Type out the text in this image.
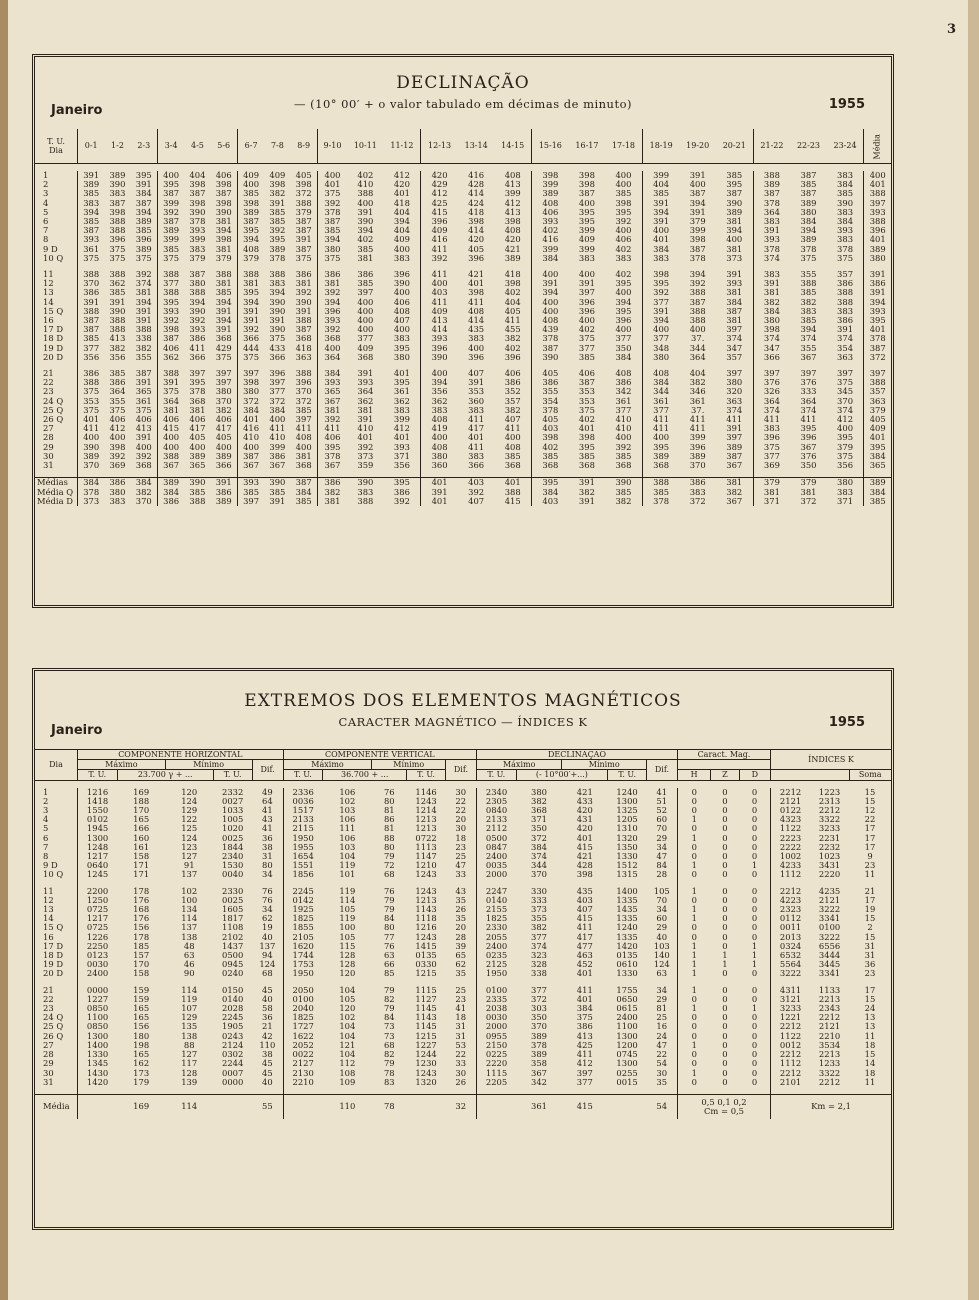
3
DECLINAÇÃO
— (10° 00′ + o valor tabulado em décimas de minuto)
Janeiro	1955
T. U.
Dia	0-1	1-2	2-3	3-4	4-5	5-6	6-7	7-8	8-9	9-10	10-11	11-12	12-13	13-14	14-15	15-16	16-17	17-18	18-19	19-20	20-21	21-22	22-23	23-24	Média

1	391	389	395	400	404	406	409	409	405	400	402	412	420	416	408	398	398	400	399	391	385	388	387	383	400
2	389	390	391	395	398	398	400	398	398	401	410	420	429	428	413	399	398	400	404	400	395	389	385	384	401
3	385	383	384	387	387	387	385	382	372	375	388	401	412	414	399	389	387	385	385	387	387	387	387	385	388
4	383	387	387	399	398	398	398	391	388	392	400	418	425	424	412	408	400	398	391	394	390	378	389	390	397
5	394	398	394	392	390	390	389	385	379	378	391	404	415	418	413	406	395	395	394	391	389	364	380	383	393
6	385	388	389	387	378	381	387	385	387	387	390	394	396	398	398	393	395	392	391	379	381	383	384	384	388
7	387	388	385	389	393	394	395	392	387	385	394	404	409	414	408	402	399	400	400	399	394	391	394	393	396
8	393	396	396	399	399	398	394	395	391	394	402	409	416	420	420	416	409	406	401	398	400	393	389	383	401
9 D	361	375	389	385	383	381	408	389	387	380	385	400	411	405	421	399	399	402	384	387	381	378	378	378	389
10 Q	375	375	375	375	379	379	379	378	375	375	381	383	392	396	389	384	383	383	383	378	373	374	375	375	380

11	388	388	392	388	387	388	388	388	386	386	386	396	411	421	418	400	400	402	398	394	391	383	355	357	391
12	370	362	374	377	380	381	381	383	381	381	385	390	400	401	398	391	391	395	395	392	393	391	388	386	386
13	386	385	381	388	388	385	395	394	392	392	397	400	403	398	402	394	397	400	392	388	381	381	385	388	391
14	391	391	394	395	394	394	394	390	390	394	400	406	411	411	404	400	396	394	377	387	384	382	382	388	394
15 Q	388	390	391	393	390	391	391	390	391	396	400	408	409	408	405	400	396	395	391	388	387	384	383	383	393
16	387	388	391	392	392	394	391	391	388	393	400	407	413	414	411	408	400	396	394	388	381	380	385	386	395
17 D	387	388	388	398	393	391	392	390	387	392	400	400	414	435	455	439	402	400	400	400	397	398	394	391	401
18 D	385	413	338	387	386	368	366	375	368	368	377	383	393	383	382	378	375	377	377	37.	374	374	374	374	378
19 D	377	382	382	406	411	429	444	433	418	400	409	395	396	400	402	387	377	350	348	344	347	347	355	354	387
20 D	356	356	355	362	366	375	375	366	363	364	368	380	390	396	396	390	385	384	380	364	357	366	367	363	372

21	386	385	387	388	397	397	397	396	388	384	391	401	400	407	406	405	406	408	408	404	397	397	397	397	397
22	388	386	391	391	395	397	398	397	396	393	393	395	394	391	386	386	387	386	384	382	380	376	376	375	388
23	375	364	365	375	378	380	380	377	370	365	364	361	356	353	352	355	353	342	344	346	320	326	333	345	357
24 Q	353	355	361	364	368	370	372	372	372	367	362	362	362	360	357	354	353	361	361	361	363	364	364	370	363
25 Q	375	375	375	381	381	382	384	384	385	381	381	383	383	383	382	378	375	377	377	37.	374	374	374	374	379
26 Q	401	406	406	406	406	406	401	400	397	392	391	399	408	411	407	405	402	410	411	411	411	411	411	412	405
27	411	412	413	415	417	417	416	411	411	411	410	412	419	417	411	403	401	410	411	411	391	383	395	400	409
28	400	400	391	400	405	405	410	410	408	406	401	401	400	401	400	398	398	400	400	399	397	396	396	395	401
29	390	398	400	400	400	400	400	399	400	395	392	393	408	411	408	402	395	392	395	396	389	375	367	379	395
30	389	392	392	388	389	389	387	386	381	378	373	371	380	383	385	385	385	385	389	389	387	377	376	375	384
31	370	369	368	367	365	366	367	367	368	367	359	356	360	366	368	368	368	368	368	370	367	369	350	356	365

Médias	384	386	384	389	390	391	393	390	387	386	390	395	401	403	401	395	391	390	388	386	381	379	379	380	389
Média Q	378	380	382	384	385	386	385	385	384	382	383	386	391	392	388	384	382	385	385	383	382	381	381	383	384
Média D	373	383	370	386	388	389	397	391	385	381	388	392	401	407	415	403	391	382	378	372	367	371	372	371	385
EXTREMOS DOS ELEMENTOS MAGNÉTICOS
CARACTER MAGNÉTICO — ÍNDICES K
Janeiro
1955
Dia	COMPONENTE HORIZONTAL					COMPONENTE VERTICAL					DECLINAÇÃO					Caract. Mag.			ÍNDICES K		
	Máximo		Mínimo		Dif.	Máximo		Mínimo		Dif.	Máximo		Mínimo		Dif.						
	T. U.	23.700 γ + ...		T. U.		T. U.	36.700 + ...		T. U.		T. U.	(- 10°00′+...)		T. U.		H	Z	D			Soma

1	1216	169	120	2332	49	2336	106	76	1146	30	2340	380	421	1240	41	0	0	0	2212	1223	15
2	1418	188	124	0027	64	0036	102	80	1243	22	2305	382	433	1300	51	0	0	0	2121	2313	15
3	1550	170	129	1033	41	1517	103	81	1214	22	0840	368	420	1325	52	0	0	0	0122	2212	12
4	0102	165	122	1005	43	2133	106	86	1213	20	2133	371	431	1205	60	1	0	0	4323	3322	22
5	1945	166	125	1020	41	2115	111	81	1213	30	2112	350	420	1310	70	0	0	0	1122	3233	17
6	1300	160	124	0025	36	1950	106	88	0722	18	0500	372	401	1320	29	1	0	0	2223	2231	17
7	1248	161	123	1844	38	1955	103	80	1113	23	0847	384	415	1350	34	0	0	0	2222	2232	17
8	1217	158	127	2340	31	1654	104	79	1147	25	2400	374	421	1330	47	0	0	0	1002	1023	9
9 D	0640	171	91	1530	80	1551	119	72	1210	47	0035	344	428	1512	84	1	0	1	4233	3431	23
10 Q	1245	171	137	0040	34	1856	101	68	1243	33	2000	370	398	1315	28	0	0	0	1112	2220	11

11	2200	178	102	2330	76	2245	119	76	1243	43	2247	330	435	1400	105	1	0	0	2212	4235	21
12	1250	176	100	0025	76	0142	114	79	1213	35	0140	333	403	1335	70	0	0	0	4223	2121	17
13	0725	168	134	1605	34	1925	105	79	1143	26	2155	373	407	1435	34	1	0	0	2323	3222	19
14	1217	176	114	1817	62	1825	119	84	1118	35	1825	355	415	1335	60	1	0	0	0112	3341	15
15 Q	0725	156	137	1108	19	1855	100	80	1216	20	2330	382	411	1240	29	0	0	0	0011	0100	2
16	1226	178	138	2102	40	2105	105	77	1243	28	2055	377	417	1335	40	0	0	0	2013	3222	15
17 D	2250	185	48	1437	137	1620	115	76	1415	39	2400	374	477	1420	103	1	0	1	0324	6556	31
18 D	0123	157	63	0500	94	1744	128	63	0135	65	0235	323	463	0135	140	1	1	1	6532	3444	31
19 D	0030	170	46	0945	124	1753	128	66	0330	62	2125	328	452	0610	124	1	1	1	5564	3445	36
20 D	2400	158	90	0240	68	1950	120	85	1215	35	1950	338	401	1330	63	1	0	0	3222	3341	23

21	0000	159	114	0150	45	2050	104	79	1115	25	0100	377	411	1755	34	1	0	0	4311	1133	17
22	1227	159	119	0140	40	0100	105	82	1127	23	2335	372	401	0650	29	0	0	0	3121	2213	15
23	0850	165	107	2028	58	2040	120	79	1145	41	2038	303	384	0615	81	1	0	1	3233	2343	24
24 Q	1100	165	129	2245	36	1825	102	84	1143	18	0030	350	375	2400	25	0	0	0	1221	2212	13
25 Q	0850	156	135	1905	21	1727	104	73	1145	31	2000	370	386	1100	16	0	0	0	2212	2121	13
26 Q	1300	180	138	0243	42	1622	104	73	1215	31	0955	389	413	1300	24	0	0	0	1122	2210	11
27	1400	198	88	2124	110	2052	121	68	1227	53	2150	378	425	1200	47	1	0	0	0012	3534	18
28	1330	165	127	0302	38	0022	104	82	1244	22	0225	389	411	0745	22	0	0	0	2212	2213	15
29	1345	162	117	2244	45	2127	112	79	1230	33	2220	358	412	1300	54	0	0	0	1112	1233	14
30	1430	173	128	0007	45	2130	108	78	1243	30	1115	367	397	0255	30	1	0	0	2212	3322	18
31	1420	179	139	0000	40	2210	109	83	1320	26	2205	342	377	0015	35	0	0	0	2101	2212	11

Média		169	114		55		110	78		32		361	415		54	0,5 0,1 0,2
Cm = 0,5			Km = 2,1		
